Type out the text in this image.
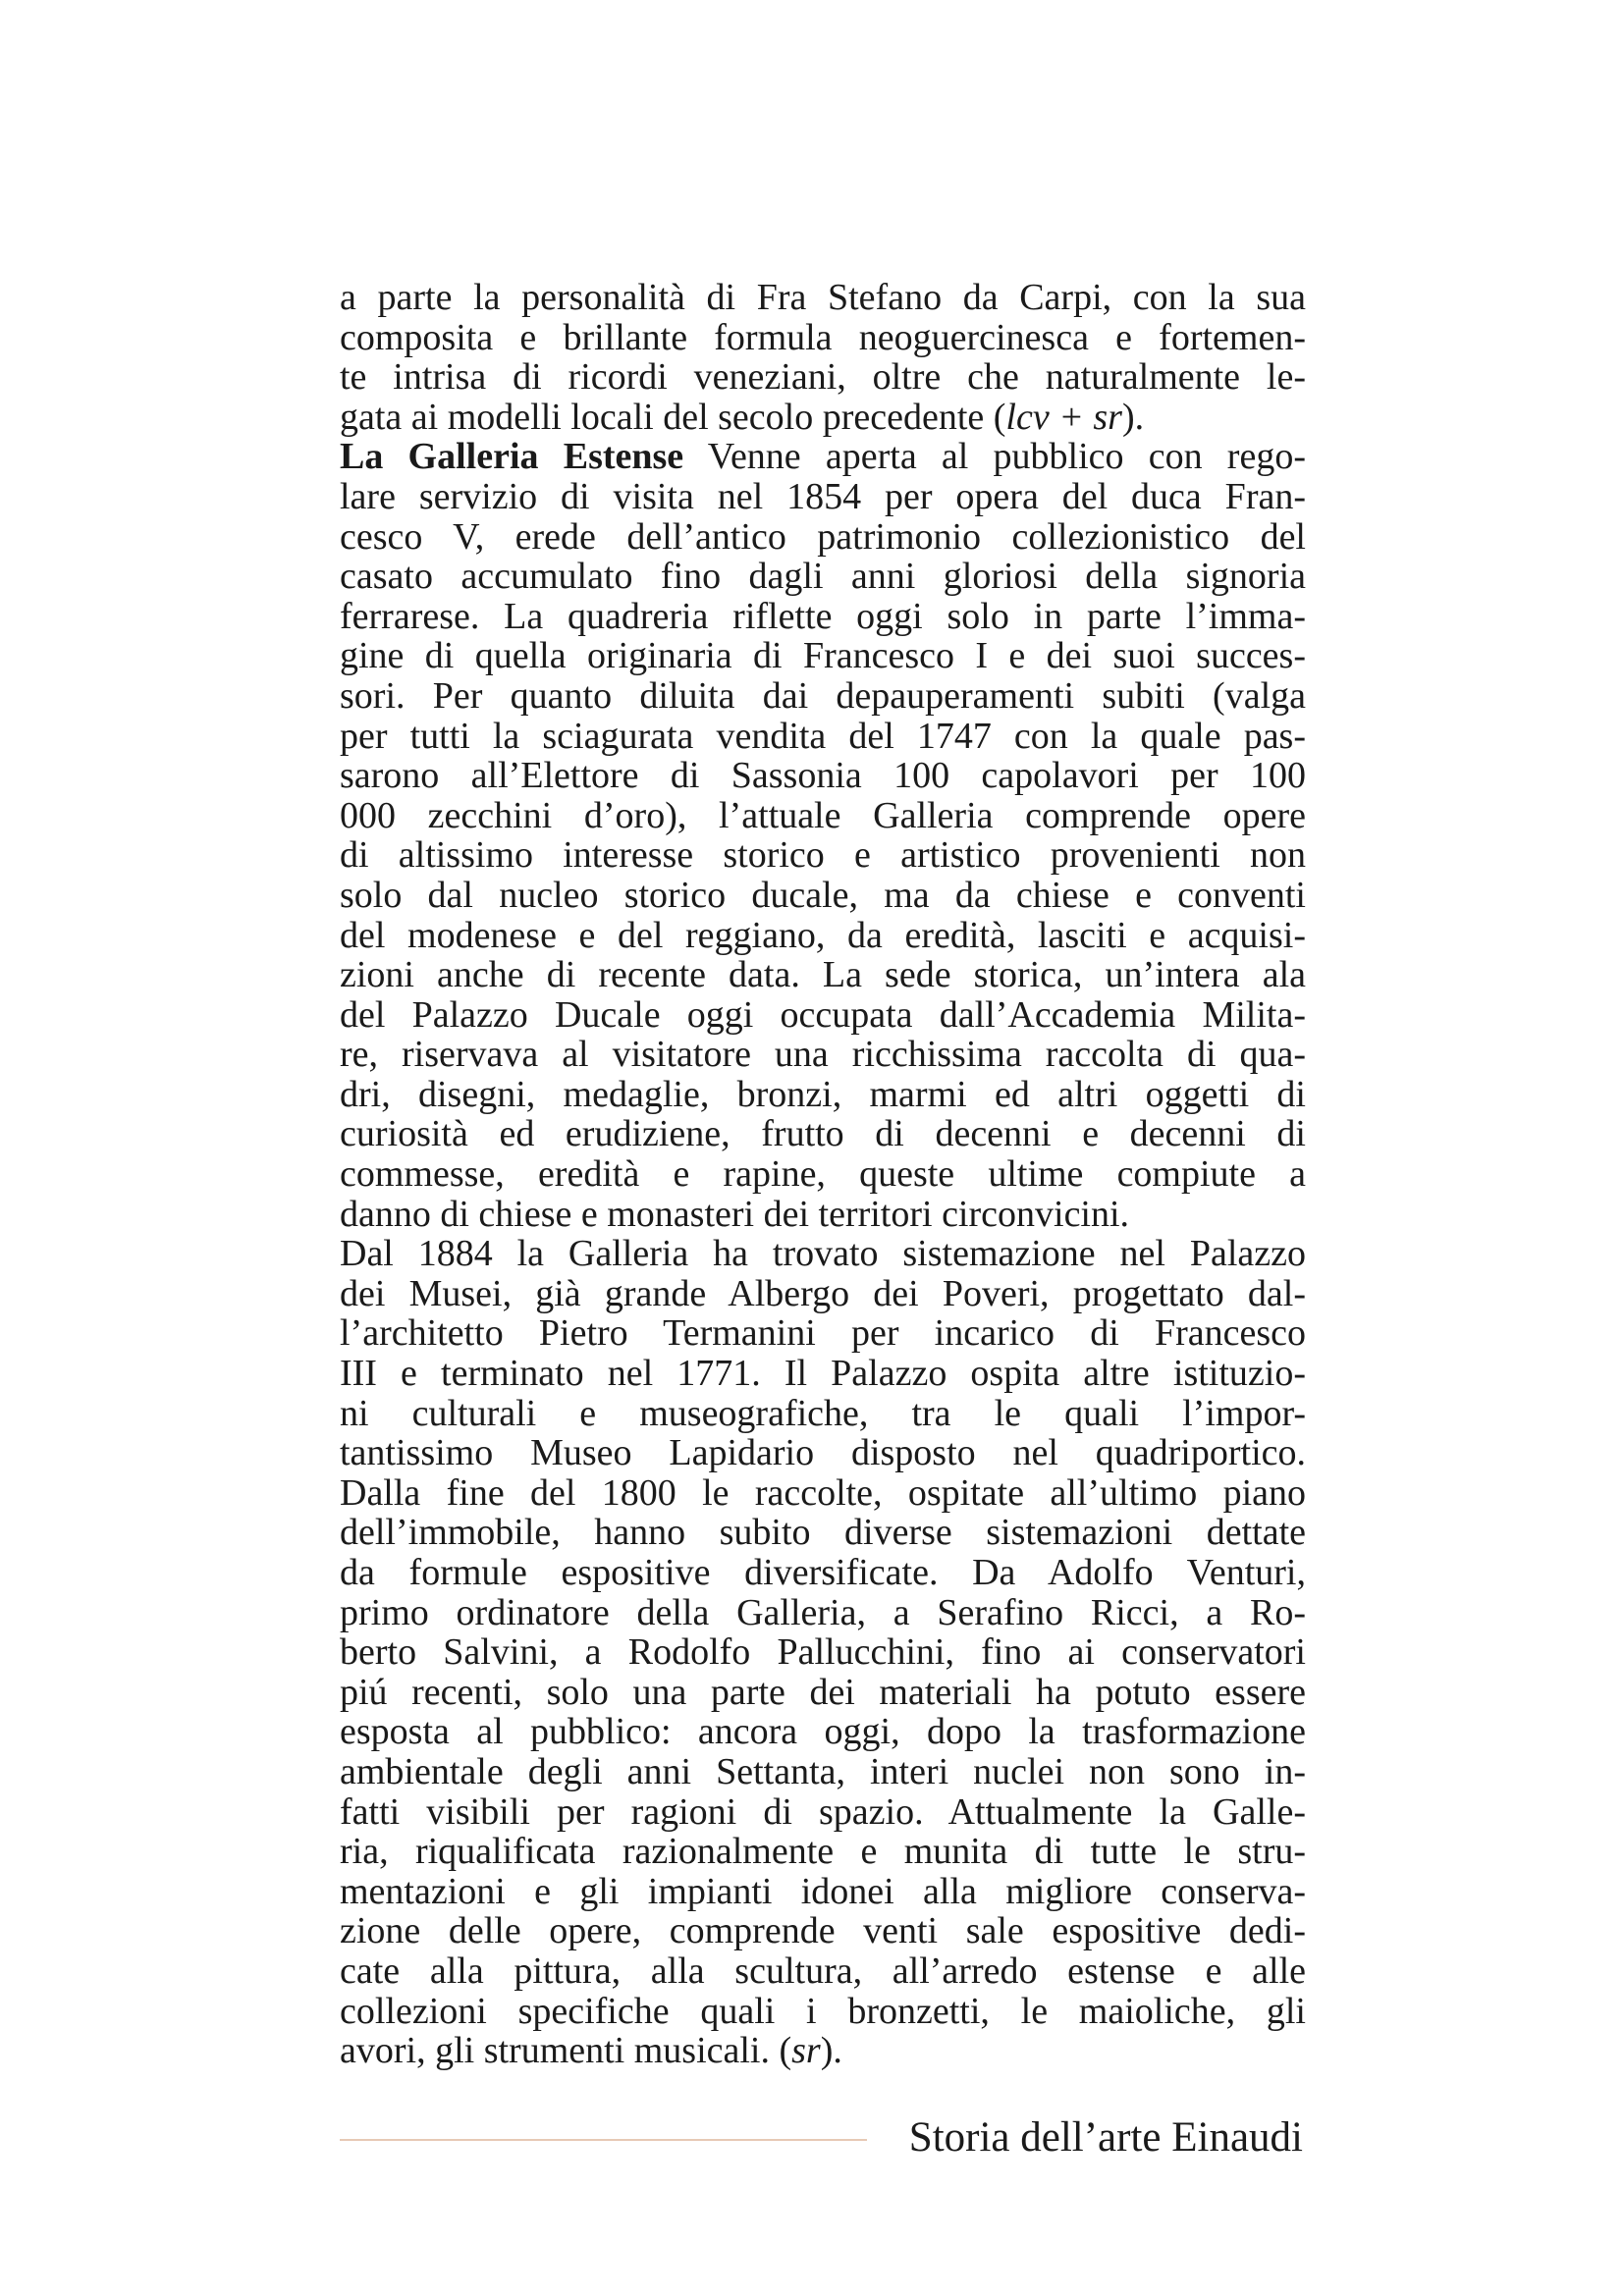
a parte la personalità di Fra Stefano da Carpi, con la sua
composita e brillante formula neoguercinesca e fortemen-
te intrisa di ricordi veneziani, oltre che naturalmente le-
gata ai modelli locali del secolo precedente (lcv + sr).
La Galleria Estense Venne aperta al pubblico con rego-
lare servizio di visita nel 1854 per opera del duca Fran-
cesco V, erede dell’antico patrimonio collezionistico del
casato accumulato fino dagli anni gloriosi della signoria
ferrarese. La quadreria riflette oggi solo in parte l’imma-
gine di quella originaria di Francesco I e dei suoi succes-
sori. Per quanto diluita dai depauperamenti subiti (valga
per tutti la sciagurata vendita del 1747 con la quale pas-
sarono all’Elettore di Sassonia 100 capolavori per 100
000 zecchini d’oro), l’attuale Galleria comprende opere
di altissimo interesse storico e artistico provenienti non
solo dal nucleo storico ducale, ma da chiese e conventi
del modenese e del reggiano, da eredità, lasciti e acquisi-
zioni anche di recente data. La sede storica, un’intera ala
del Palazzo Ducale oggi occupata dall’Accademia Milita-
re, riservava al visitatore una ricchissima raccolta di qua-
dri, disegni, medaglie, bronzi, marmi ed altri oggetti di
curiosità ed erudiziene, frutto di decenni e decenni di
commesse, eredità e rapine, queste ultime compiute a
danno di chiese e monasteri dei territori circonvicini.
Dal 1884 la Galleria ha trovato sistemazione nel Palazzo
dei Musei, già grande Albergo dei Poveri, progettato dal-
l’architetto Pietro Termanini per incarico di Francesco
III e terminato nel 1771. Il Palazzo ospita altre istituzio-
ni culturali e museografiche, tra le quali l’impor-
tantissimo Museo Lapidario disposto nel quadriportico.
Dalla fine del 1800 le raccolte, ospitate all’ultimo piano
dell’immobile, hanno subito diverse sistemazioni dettate
da formule espositive diversificate. Da Adolfo Venturi,
primo ordinatore della Galleria, a Serafino Ricci, a Ro-
berto Salvini, a Rodolfo Pallucchini, fino ai conservatori
piú recenti, solo una parte dei materiali ha potuto essere
esposta al pubblico: ancora oggi, dopo la trasformazione
ambientale degli anni Settanta, interi nuclei non sono in-
fatti visibili per ragioni di spazio. Attualmente la Galle-
ria, riqualificata razionalmente e munita di tutte le stru-
mentazioni e gli impianti idonei alla migliore conserva-
zione delle opere, comprende venti sale espositive dedi-
cate alla pittura, alla scultura, all’arredo estense e alle
collezioni specifiche quali i bronzetti, le maioliche, gli
avori, gli strumenti musicali. (sr).
Storia dell’arte Einaudi
